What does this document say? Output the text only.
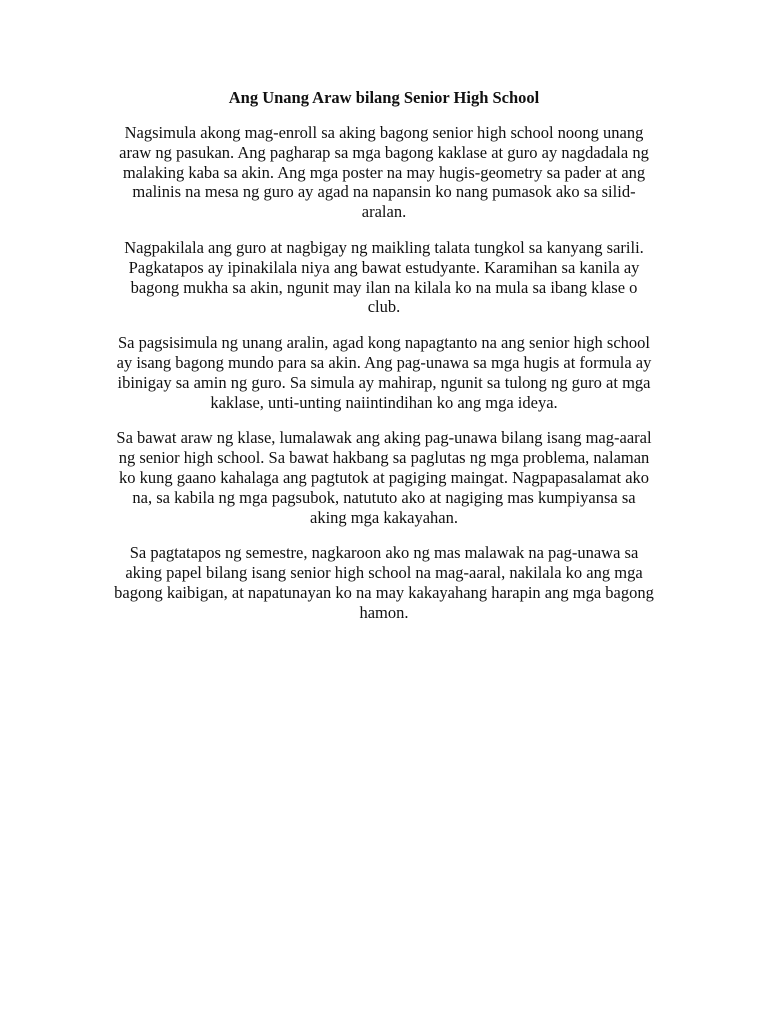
Ang Unang Araw bilang Senior High School

Nagsimula akong mag-enroll sa aking bagong senior high school noong unang araw ng pasukan. Ang pagharap sa mga bagong kaklase at guro ay nagdadala ng malaking kaba sa akin. Ang mga poster na may hugis-geometry sa pader at ang malinis na mesa ng guro ay agad na napansin ko nang pumasok ako sa silid-aralan.

Nagpakilala ang guro at nagbigay ng maikling talata tungkol sa kanyang sarili. Pagkatapos ay ipinakilala niya ang bawat estudyante. Karamihan sa kanila ay bagong mukha sa akin, ngunit may ilan na kilala ko na mula sa ibang klase o club.

Sa pagsisimula ng unang aralin, agad kong napagtanto na ang senior high school ay isang bagong mundo para sa akin. Ang pag-unawa sa mga hugis at formula ay ibinigay sa amin ng guro. Sa simula ay mahirap, ngunit sa tulong ng guro at mga kaklase, unti-unting naiintindihan ko ang mga ideya.

Sa bawat araw ng klase, lumalawak ang aking pag-unawa bilang isang mag-aaral ng senior high school. Sa bawat hakbang sa paglutas ng mga problema, nalaman ko kung gaano kahalaga ang pagtutok at pagiging maingat. Nagpapasalamat ako na, sa kabila ng mga pagsubok, natututo ako at nagiging mas kumpiyansa sa aking mga kakayahan.

Sa pagtatapos ng semestre, nagkaroon ako ng mas malawak na pag-unawa sa aking papel bilang isang senior high school na mag-aaral, nakilala ko ang mga bagong kaibigan, at napatunayan ko na may kakayahang harapin ang mga bagong hamon.
